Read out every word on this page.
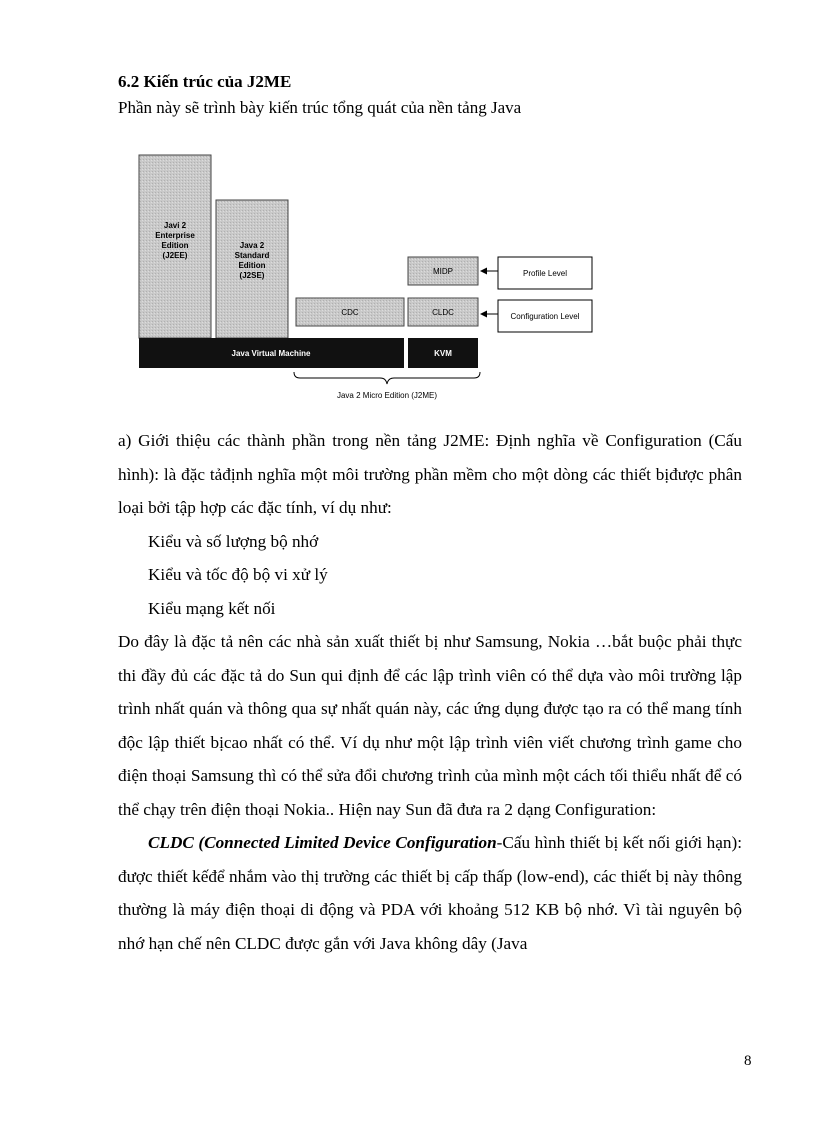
6.2 Kiến trúc của J2ME
Phần này sẽ trình bày kiến trúc tổng quát của nền tảng Java
Javi 2
Enterprise
Edition
(J2EE)
Java 2
Standard
Edition
(J2SE)	MIDP
CDC	CLDC
Java Virtual Machine	KVM
Profile Level
Configuration Level
Java 2 Micro Edition (J2ME)

a) Giới thiệu các thành phần trong nền tảng J2ME: Định nghĩa về Configuration (Cấu hình): là đặc tảđịnh nghĩa một môi trường phần mềm cho một dòng các thiết bịđược phân loại bởi tập hợp các đặc tính, ví dụ như:

Kiểu và số lượng bộ nhớ

Kiểu và tốc độ bộ vi xử lý

Kiểu mạng kết nối

Do đây là đặc tả nên các nhà sản xuất thiết bị như Samsung, Nokia …bắt buộc phải thực thi đầy đủ các đặc tả do Sun qui định để các lập trình viên có thể dựa vào môi trường lập trình nhất quán và thông qua sự nhất quán này, các ứng dụng được tạo ra có thể mang tính độc lập thiết bịcao nhất có thể. Ví dụ như một lập trình viên viết chương trình game cho điện thoại Samsung thì có thể sửa đổi chương trình của mình một cách tối thiểu nhất để có thể chạy trên điện thoại Nokia.. Hiện nay Sun đã đưa ra 2 dạng Configuration:

CLDC (Connected Limited Device Configuration-Cấu hình thiết bị kết nối giới hạn): được thiết kếđể nhắm vào thị trường các thiết bị cấp thấp (low-end), các thiết bị này thông thường là máy điện thoại di động và PDA với khoảng 512 KB bộ nhớ. Vì tài nguyên bộ nhớ hạn chế nên CLDC được gắn với Java không dây (Java

8
